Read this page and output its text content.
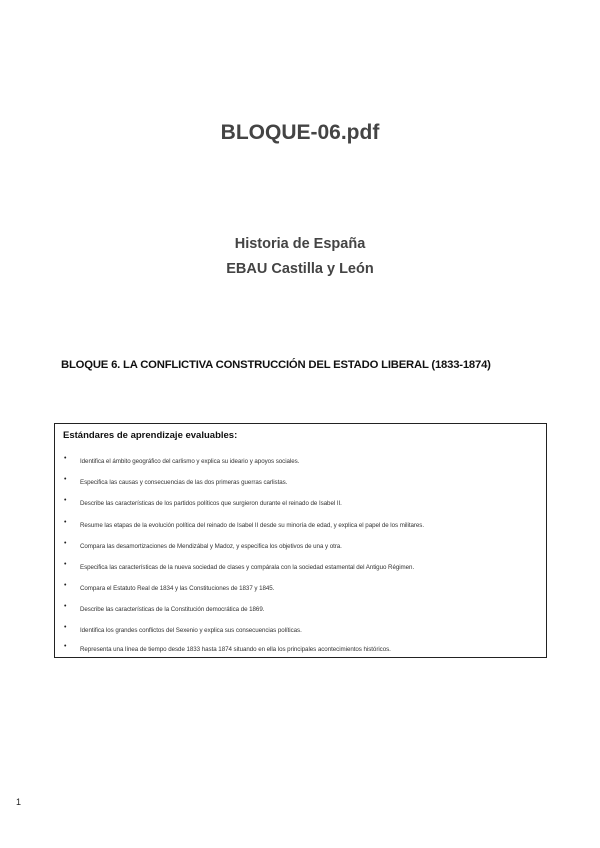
BLOQUE-06.pdf
Historia de España
EBAU Castilla y León
BLOQUE 6. LA CONFLICTIVA CONSTRUCCIÓN DEL ESTADO LIBERAL (1833-1874)
Estándares de aprendizaje evaluables:
• Identifica el ámbito geográfico del carlismo y explica su ideario y apoyos sociales.
• Especifica las causas y consecuencias de las dos primeras guerras carlistas.
• Describe las características de los partidos políticos que surgieron durante el reinado de Isabel II.
• Resume las etapas de la evolución política del reinado de Isabel II desde su minoría de edad, y explica el papel de los militares.
• Compara las desamortizaciones de Mendizábal y Madoz, y especifica los objetivos de una y otra.
• Especifica las características de la nueva sociedad de clases y compárala con la sociedad estamental del Antiguo Régimen.
• Compara el Estatuto Real de 1834 y las Constituciones de 1837 y 1845.
• Describe las características de la Constitución democrática de 1869.
• Identifica los grandes conflictos del Sexenio y explica sus consecuencias políticas.
• Representa una línea de tiempo desde 1833 hasta 1874 situando en ella los principales acontecimientos históricos.
1
